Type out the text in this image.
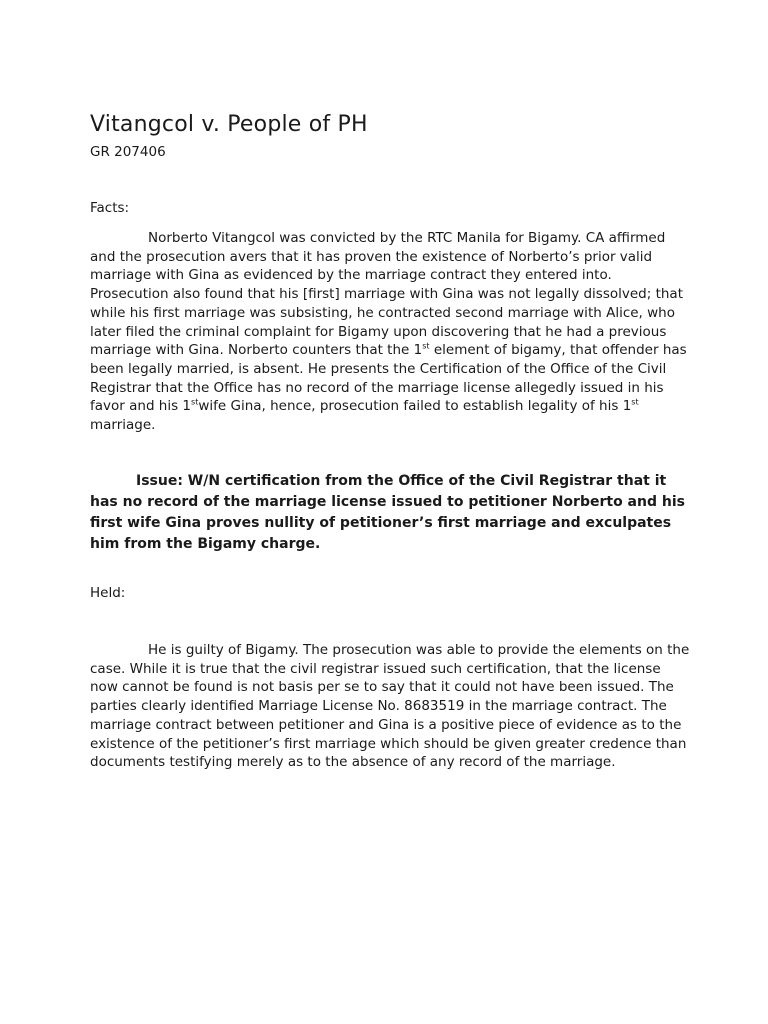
Vitangcol v. People of PH
GR 207406
Facts:

Norberto Vitangcol was convicted by the RTC Manila for Bigamy. CA affirmed and the prosecution avers that it has proven the existence of Norberto’s prior valid marriage with Gina as evidenced by the marriage contract they entered into. Prosecution also found that his [first] marriage with Gina was not legally dissolved; that while his first marriage was subsisting, he contracted second marriage with Alice, who later filed the criminal complaint for Bigamy upon discovering that he had a previous marriage with Gina. Norberto counters that the 1st element of bigamy, that offender has been legally married, is absent. He presents the Certification of the Office of the Civil Registrar that the Office has no record of the marriage license allegedly issued in his favor and his 1stwife Gina, hence, prosecution failed to establish legality of his 1st marriage.

Issue: W/N certification from the Office of the Civil Registrar that it has no record of the marriage license issued to petitioner Norberto and his first wife Gina proves nullity of petitioner’s first marriage and exculpates him from the Bigamy charge.

Held:

He is guilty of Bigamy. The prosecution was able to provide the elements on the case. While it is true that the civil registrar issued such certification, that the license now cannot be found is not basis per se to say that it could not have been issued. The parties clearly identified Marriage License No. 8683519 in the marriage contract. The marriage contract between petitioner and Gina is a positive piece of evidence as to the existence of the petitioner’s first marriage which should be given greater credence than documents testifying merely as to the absence of any record of the marriage.
